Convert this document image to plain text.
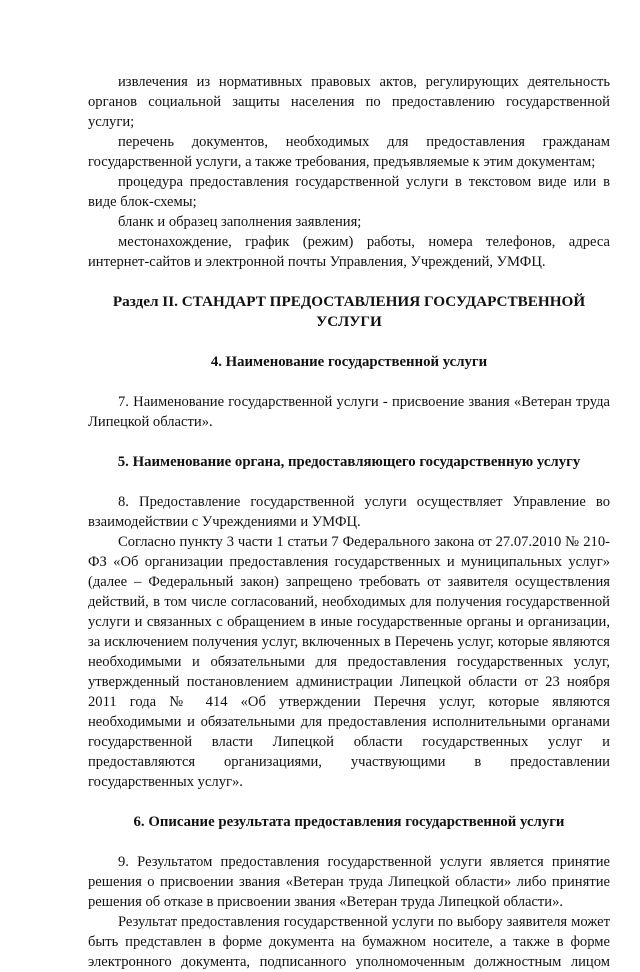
извлечения из нормативных правовых актов, регулирующих деятельность органов социальной защиты населения по предоставлению государственной услуги;

перечень документов, необходимых для предоставления гражданам государственной услуги, а также требования, предъявляемые к этим документам;

процедура предоставления государственной услуги в текстовом виде или в виде блок-схемы;

бланк и образец заполнения заявления;

местонахождение, график (режим) работы, номера телефонов, адреса интернет-сайтов и электронной почты Управления, Учреждений, УМФЦ.

Раздел II. СТАНДАРТ ПРЕДОСТАВЛЕНИЯ ГОСУДАРСТВЕННОЙ УСЛУГИ
4. Наименование государственной услуги

7. Наименование государственной услуги - присвоение звания «Ветеран труда Липецкой области».

5. Наименование органа, предоставляющего государственную услугу

8. Предоставление государственной услуги осуществляет Управление во взаимодействии с Учреждениями и УМФЦ.

Согласно пункту 3 части 1 статьи 7 Федерального закона от 27.07.2010 № 210-ФЗ «Об организации предоставления государственных и муниципальных услуг» (далее – Федеральный закон) запрещено требовать от заявителя осуществления действий, в том числе согласований, необходимых для получения государственной услуги и связанных с обращением в иные государственные органы и организации, за исключением получения услуг, включенных в Перечень услуг, которые являются необходимыми и обязательными для предоставления государственных услуг, утвержденный постановлением администрации Липецкой области от 23 ноября 2011 года № 414 «Об утверждении Перечня услуг, которые являются необходимыми и обязательными для предоставления исполнительными органами государственной власти Липецкой области государственных услуг и предоставляются организациями, участвующими в предоставлении государственных услуг».

6. Описание результата предоставления государственной услуги

9. Результатом предоставления государственной услуги является принятие решения о присвоении звания «Ветеран труда Липецкой области» либо принятие решения об отказе в присвоении звания «Ветеран труда Липецкой области».

Результат предоставления государственной услуги по выбору заявителя может быть представлен в форме документа на бумажном носителе, а также в форме электронного документа, подписанного уполномоченным должностным лицом
